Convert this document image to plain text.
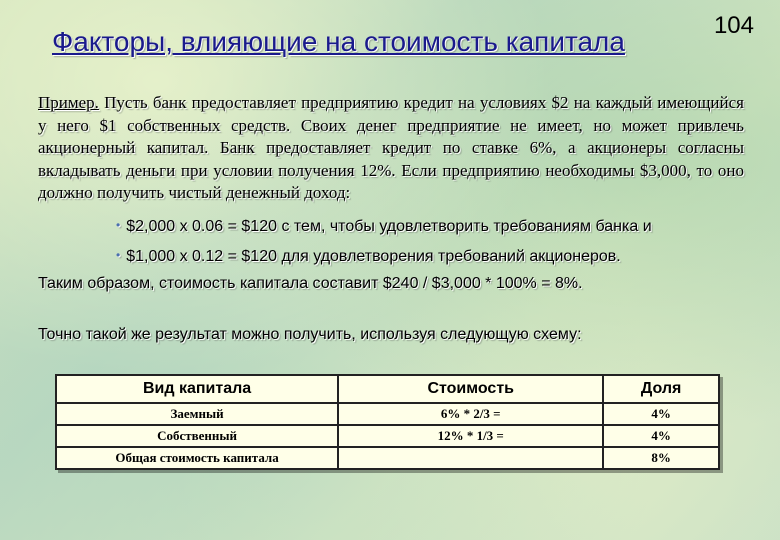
Факторы, влияющие на стоимость капитала
104
Пример. Пусть банк предоставляет предприятию кредит на условиях $2 на каждый имеющийся у него $1 собственных средств. Своих денег предприятие не имеет, но может привлечь акционерный капитал. Банк предоставляет кредит по ставке 6%, а акционеры согласны вкладывать деньги при условии получения 12%. Если предприятию необходимы $3,000, то оно должно получить чистый денежный доход:
• $2,000 x 0.06 = $120 с тем, чтобы удовлетворить требованиям банка и
• $1,000 x 0.12 = $120 для удовлетворения требований акционеров.
Таким образом, стоимость капитала составит $240 / $3,000 * 100% = 8%.
Точно такой же результат можно получить, используя следующую схему:
Вид капитала	Стоимость	Доля
Заемный	6% * 2/3 =	4%
Собственный	12% * 1/3 =	4%
Общая стоимость капитала		8%
